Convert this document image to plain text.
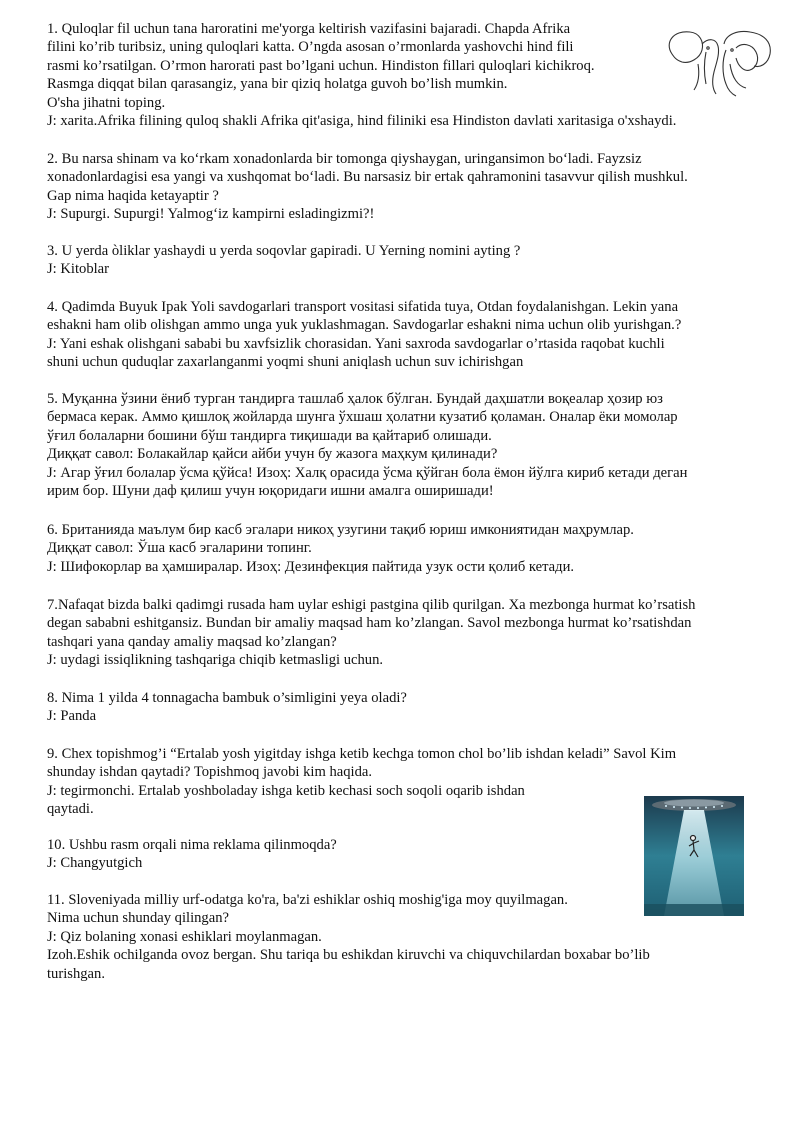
1. Quloqlar fil uchun tana haroratini me'yorga keltirish vazifasini bajaradi. Chapda Afrika
filini ko’rib turibsiz, uning quloqlari katta. O’ngda asosan o’rmonlarda yashovchi hind fili
rasmi ko’rsatilgan. O’rmon harorati past bo’lgani uchun. Hindiston fillari quloqlari kichikroq.
Rasmga diqqat bilan qarasangiz, yana bir qiziq holatga guvoh bo’lish mumkin.
O'sha jihatni toping.
J: xarita.Afrika filining quloq shakli Afrika qit'asiga, hind filiniki esa Hindiston davlati xaritasiga o'xshaydi.
2. Bu narsa shinam va koʻrkam xonadonlarda bir tomonga qiyshaygan, uringansimon boʻladi. Fayzsiz
xonadonlardagisi esa yangi va xushqomat boʻladi. Bu narsasiz bir ertak qahramonini tasavvur qilish mushkul.
Gap nima haqida ketayaptir ?
J: Supurgi. Supurgi! Yalmogʻiz kampirni esladingizmi?!
3. U yerda òliklar yashaydi u yerda soqovlar gapiradi. U Yerning nomini ayting ?
J: Kitoblar
4. Qadimda Buyuk Ipak Yoli savdogarlari transport vositasi sifatida tuya, Otdan foydalanishgan. Lekin yana
eshakni ham olib olishgan ammo unga yuk yuklashmagan. Savdogarlar eshakni nima uchun olib yurishgan.?
J: Yani eshak olishgani sababi bu xavfsizlik chorasidan. Yani saxroda savdogarlar o’rtasida raqobat kuchli
shuni uchun quduqlar zaxarlanganmi yoqmi shuni aniqlash uchun suv ichirishgan
5. Муқанна ўзини ёниб турган тандирга ташлаб ҳалок бўлган. Бундай даҳшатли воқеалар ҳозир юз
бермаса керак. Аммо қишлоқ жойларда шунга ўхшаш ҳолатни кузатиб қоламан. Оналар ёки момолар
ўғил болаларни бошини бўш тандирга тиқишади ва қайтариб олишади.
Диққат савол: Болакайлар қайси айби учун бу жазога маҳкум қилинади?
J: Агар ўғил болалар ўсма қўйса! Изоҳ: Халқ орасида ўсма қўйган бола ёмон йўлга кириб кетади деган
ирим бор. Шуни даф қилиш учун юқоридаги ишни амалга оширишади!
6. Британияда маълум бир касб эгалари никоҳ узугини тақиб юриш имкониятидан маҳрумлар.
Диққат савол: Ўша касб эгаларини топинг.
J: Шифокорлар ва ҳамширалар. Изоҳ: Дезинфекция пайтида узук ости қолиб кетади.
7.Nafaqat bizda balki qadimgi rusada ham uylar eshigi pastgina qilib qurilgan. Xa mezbonga hurmat ko’rsatish
degan sababni eshitgansiz. Bundan bir amaliy maqsad ham ko’zlangan. Savol mezbonga hurmat ko’rsatishdan
tashqari yana qanday amaliy maqsad ko’zlangan?
J: uydagi issiqlikning tashqariga chiqib ketmasligi uchun.
8. Nima 1 yilda 4 tonnagacha bambuk o’simligini yeya oladi?
J: Panda
9. Chex topishmog’i “Ertalab yosh yigitday ishga ketib kechga tomon chol bo’lib ishdan keladi” Savol Kim
shunday ishdan qaytadi? Topishmoq javobi kim haqida.
J: tegirmonchi. Ertalab yoshboladay ishga ketib kechasi soch soqoli oqarib ishdan
qaytadi.
10. Ushbu rasm orqali nima reklama qilinmoqda?
J: Changyutgich
11. Sloveniyada milliy urf-odatga ko'ra, ba'zi eshiklar oshiq moshig'iga moy quyilmagan.
Nima uchun shunday qilingan?
J: Qiz bolaning xonasi eshiklari moylanmagan.
Izoh.Eshik ochilganda ovoz bergan. Shu tariqa bu eshikdan kiruvchi va chiquvchilardan boxabar bo’lib
turishgan.
